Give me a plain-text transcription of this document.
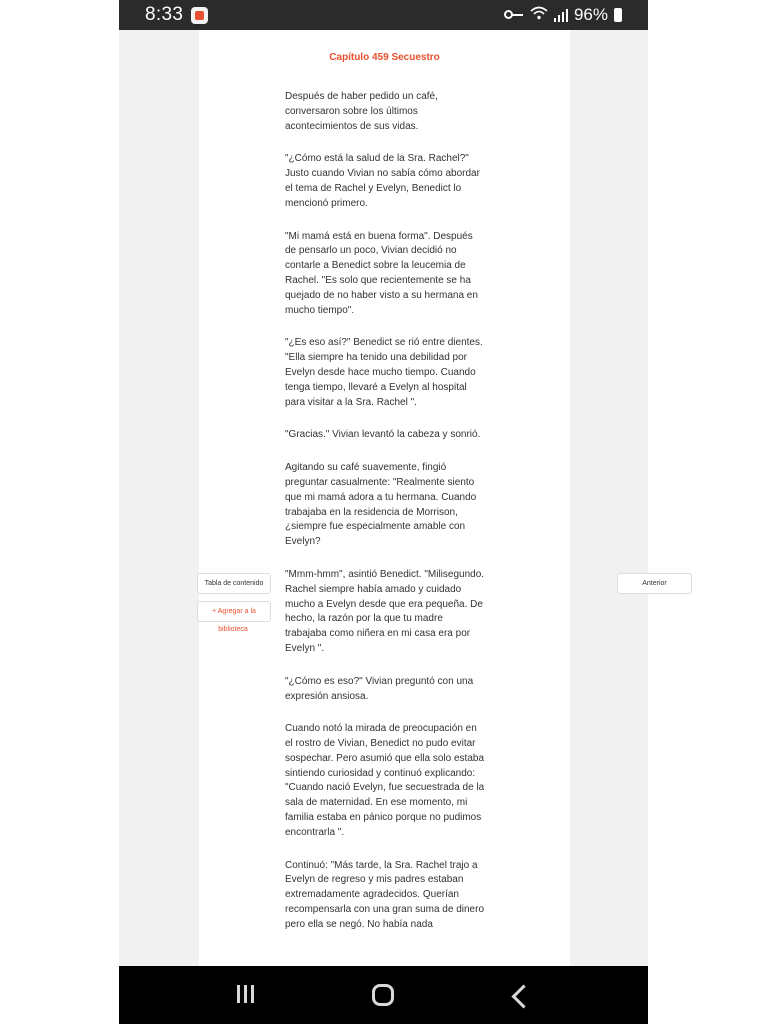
8:33	96%
Capítulo 459 Secuestro

Después de haber pedido un café, conversaron sobre los últimos acontecimientos de sus vidas.

"¿Cómo está la salud de la Sra. Rachel?" Justo cuando Vivian no sabía cómo abordar el tema de Rachel y Evelyn, Benedict lo mencionó primero.

"Mi mamá está en buena forma". Después de pensarlo un poco, Vivian decidió no contarle a Benedict sobre la leucemia de Rachel. "Es solo que recientemente se ha quejado de no haber visto a su hermana en mucho tiempo".

"¿Es eso así?" Benedict se rió entre dientes. "Ella siempre ha tenido una debilidad por Evelyn desde hace mucho tiempo. Cuando tenga tiempo, llevaré a Evelyn al hospital para visitar a la Sra. Rachel ".

"Gracias." Vivian levantó la cabeza y sonrió.

Agitando su café suavemente, fingió preguntar casualmente: "Realmente siento que mi mamá adora a tu hermana. Cuando trabajaba en la residencia de Morrison, ¿siempre fue especialmente amable con Evelyn?

"Mmm-hmm", asintió Benedict. "Milisegundo. Rachel siempre había amado y cuidado mucho a Evelyn desde que era pequeña. De hecho, la razón por la que tu madre trabajaba como niñera en mi casa era por Evelyn ".

"¿Cómo es eso?" Vivian preguntó con una expresión ansiosa.

Cuando notó la mirada de preocupación en el rostro de Vivian, Benedict no pudo evitar sospechar. Pero asumió que ella solo estaba sintiendo curiosidad y continuó explicando: "Cuando nació Evelyn, fue secuestrada de la sala de maternidad. En ese momento, mi familia estaba en pánico porque no pudimos encontrarla ".

Continuó: "Más tarde, la Sra. Rachel trajo a Evelyn de regreso y mis padres estaban extremadamente agradecidos. Querían recompensarla con una gran suma de dinero pero ella se negó. No había nada

Tabla de contenido
+ Agregar a la
biblioteca
Anterior
